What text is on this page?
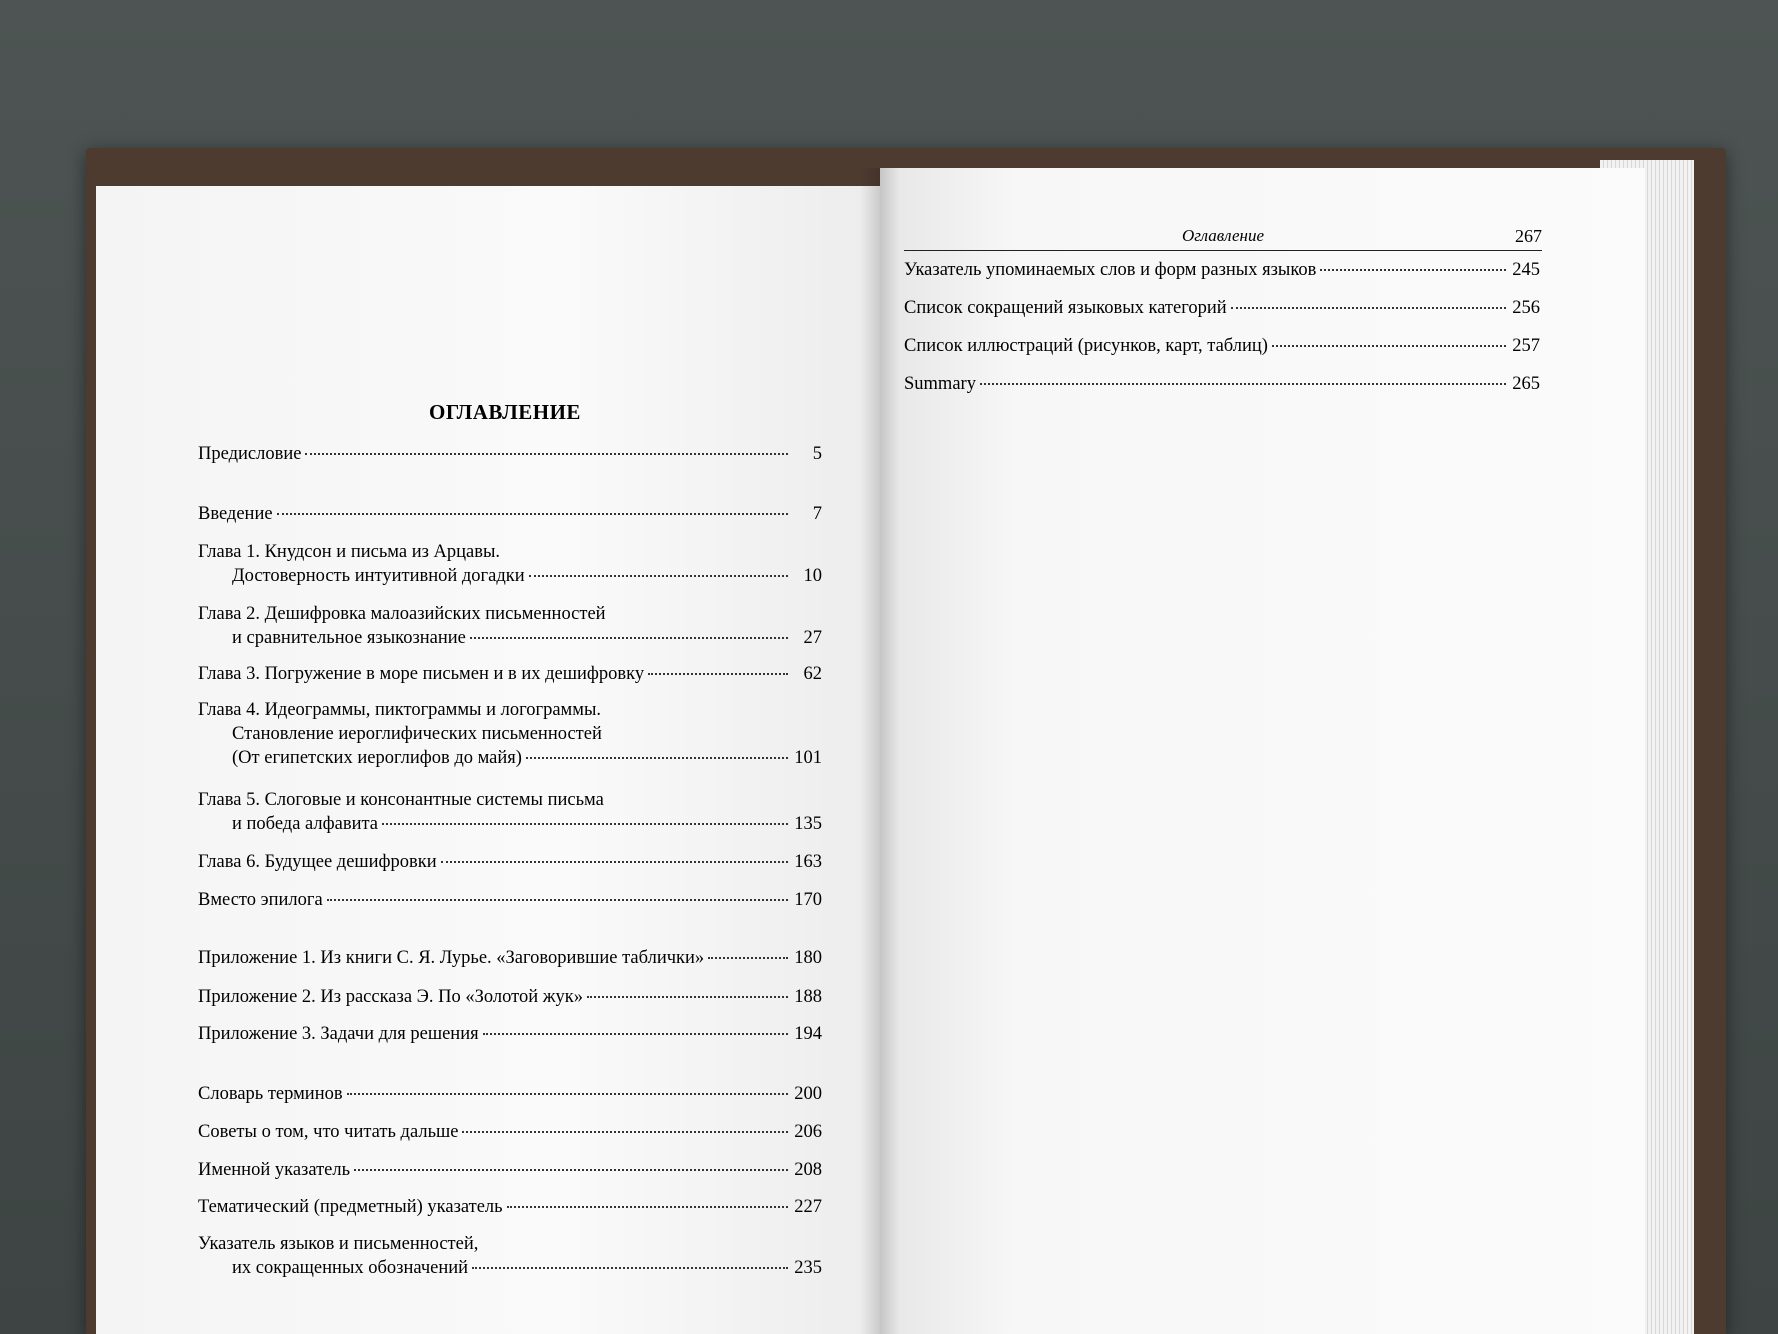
ОГЛАВЛЕНИЕ
Предисловие	5
Введение	7
Глава 1. Кнудсон и письма из Арцавы.
Достоверность интуитивной догадки	10
Глава 2. Дешифровка малоазийских письменностей
и сравнительное языкознание	27
Глава 3. Погружение в море письмен и в их дешифровку	62
Глава 4. Идеограммы, пиктограммы и логограммы.
Становление иероглифических письменностей
(От египетских иероглифов до майя)	101
Глава 5. Слоговые и консонантные системы письма
и победа алфавита	135
Глава 6. Будущее дешифровки	163
Вместо эпилога	170
Приложение 1. Из книги С. Я. Лурье. «Заговорившие таблички»	180
Приложение 2. Из рассказа Э. По «Золотой жук»	188
Приложение 3. Задачи для решения	194
Словарь терминов	200
Советы о том, что читать дальше	206
Именной указатель	208
Тематический (предметный) указатель	227
Указатель языков и письменностей,
их сокращенных обозначений	235
Оглавление	267
Указатель упоминаемых слов и форм разных языков	245
Список сокращений языковых категорий	256
Список иллюстраций (рисунков, карт, таблиц)	257
Summary	265
